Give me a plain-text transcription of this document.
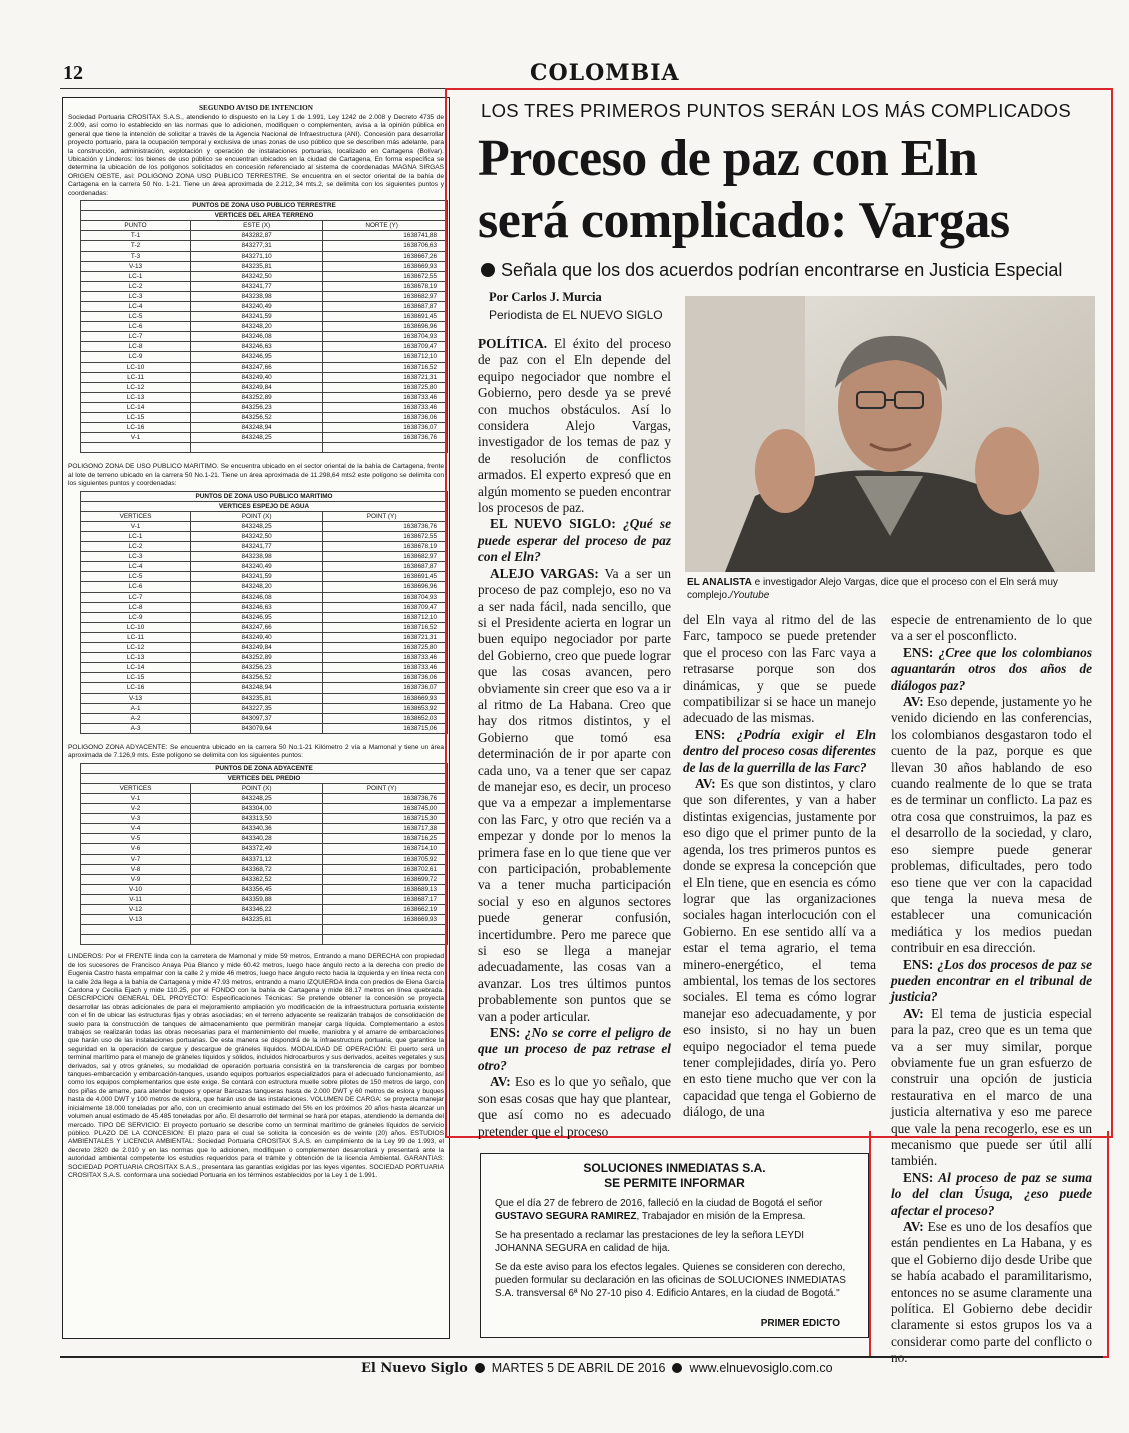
12	COLOMBIA
SEGUNDO AVISO DE INTENCION
Sociedad Portuaria CROSITAX S.A.S., atendiendo lo dispuesto en la Ley 1 de 1.991, Ley 1242 de 2.008 y Decreto 4735 de 2.009, así como lo establecido en las normas que lo adicionen, modifiquen o complementen, avisa a la opinión pública en general que tiene la intención de solicitar a través de la Agencia Nacional de Infraestructura (ANI). Concesión para desarrollar proyecto portuario, para la ocupación temporal y exclusiva de unas zonas de uso público que se describen más adelante, para la construcción, administración, explotación y operación de instalaciones portuarias, localizado en Cartagena (Bolívar). Ubicación y Linderos: los bienes de uso público se encuentran ubicados en la ciudad de Cartagena, En forma específica se determina la ubicación de los polígonos solicitados en concesión referenciado al sistema de coordenadas MAGNA SIRGAS ORIGEN OESTE, así: POLIGONO ZONA USO PUBLICO TERRESTRE. Se encuentra en el sector oriental de la bahía de Cartagena en la carrera 50 No. 1-21. Tiene un área aproximada de 2.212,.34 mts.2, se delimita con los siguientes puntos y coordenadas:
PUNTOS DE ZONA USO PUBLICO TERRESTRE		
VERTICES DEL AREA TERRENO		
PUNTO	ESTE (X)	NORTE (Y)
T-1	843282,87	1638741,88
T-2	843277,31	1638706,63
T-3	843271,10	1638667,26
V-13	843235,81	1638669,93
LC-1	843242,50	1638672,55
LC-2	843241,77	1638678,19
LC-3	843238,98	1638682,97
LC-4	843240,49	1638687,87
LC-5	843241,59	1638691,45
LC-6	843248,20	1638696,96
LC-7	843246,08	1638704,93
LC-8	843246,63	1638709,47
LC-9	843246,95	1638712,10
LC-10	843247,66	1638716,52
LC-11	843249,40	1638721,31
LC-12	843249,84	1638725,80
LC-13	843252,89	1638733,46
LC-14	843256,23	1638733,46
LC-15	843256,52	1638736,06
LC-16	843248,94	1638736,07
V-1	843248,25	1638736,76

POLIGONO ZONA DE USO PUBLICO MARITIMO. Se encuentra ubicado en el sector oriental de la bahía de Cartagena, frente al lote de terreno ubicado en la carrera 50 No.1-21. Tiene un área aproximada de 11.298,64 mts2 este polígono se delimita con los siguientes puntos y coordenadas:
PUNTOS DE ZONA USO PUBLICO MARITIMO		
VERTICES ESPEJO DE AGUA		
VERTICES	POINT (X)	POINT (Y)
V-1	843248,25	1638736,76
LC-1	843242,50	1638672,55
LC-2	843241,77	1638678,19
LC-3	843238,98	1638682,97
LC-4	843240,49	1638687,87
LC-5	843241,59	1638691,45
LC-6	843248,20	1638696,96
LC-7	843246,08	1638704,93
LC-8	843246,63	1638709,47
LC-9	843246,95	1638712,10
LC-10	843247,66	1638716,52
LC-11	843249,40	1638721,31
LC-12	843249,84	1638725,80
LC-13	843252,89	1638733,46
LC-14	843256,23	1638733,46
LC-15	843256,52	1638736,06
LC-16	843248,94	1638736,07
V-13	843235,81	1638669,93
A-1	843227,35	1638653,92
A-2	843097,37	1638652,03
A-3	843079,64	1638715,06
POLIGONO ZONA ADYACENTE: Se encuentra ubicado en la carrera 50 No.1-21 Kilómetro 2 vía a Mamonal y tiene un área aproximada de 7.126,9 mts. Este polígono se delimita con los siguientes puntos:
PUNTOS DE ZONA ADYACENTE		
VERTICES DEL PREDIO		
VERTICES	POINT (X)	POINT (Y)
V-1	843248,25	1638736,76
V-2	843304,00	1638745,00
V-3	843313,50	1638715,30
V-4	843340,36	1638717,38
V-5	843340,28	1638716,25
V-6	843372,49	1638714,10
V-7	843371,12	1638705,92
V-8	843368,72	1638702,61
V-9	843362,52	1638699,72
V-10	843356,45	1638689,13
V-11	843359,88	1638687,17
V-12	843346,22	1638662,19
V-13	843235,81	1638669,93

LINDEROS: Por el FRENTE linda con la carretera de Mamonal y mide 59 metros, Entrando a mano DERECHA con propiedad de los sucesores de Francisco Anaya Púa Blanco y mide 60.42 metros, luego hace ángulo recto a la derecha con predio de Eugenia Castro hasta empalmar con la calle 2 y mide 46 metros, luego hace ángulo recto hacia la izquierda y en línea recta con la calle 2da llega a la bahía de Cartagena y mide 47.93 metros, entrando a mano IZQUIERDA linda con predios de Elena García Cardona y Cecilia Ejach y mide 110.25, por el FONDO con la bahía de Cartagena y mide 88.17 metros en línea quebrada. DESCRIPCION GENERAL DEL PROYECTO: Especificaciones Técnicas: Se pretende obtener la concesión se proyecta desarrollar las obras adicionales de para el mejoramiento ampliación y/o modificación de la infraestructura portuaria existente con el fin de ubicar las estructuras fijas y obras asociadas; en el terreno adyacente se realizarán trabajos de consolidación de suelo para la construcción de tanques de almacenamiento que permitirán manejar carga líquida. Complementario a estos trabajos se realizarán todas las obras necesarias para el mantenimiento del muelle, maniobra y el amarre de embarcaciones que harán uso de las instalaciones portuarias. De esta manera se dispondrá de la infraestructura portuaria, que garantice la seguridad en la operación de cargue y descargue de gráneles líquidos. MODALIDAD DE OPERACIÓN: El puerto será un terminal marítimo para el manejo de gráneles líquidos y sólidos, incluidos hidrocarburos y sus derivados, aceites vegetales y sus derivados, sal y otros gráneles, su modalidad de operación portuaria consistirá en la transferencia de cargas por bombeo tanques-embarcación y embarcación-tanques, usando equipos portuarios especializados para el adecuado funcionamiento, así como los equipos complementarios que este exige. Se contará con estructura muelle sobre pilotes de 150 metros de largo, con dos piñas de amarre, para atender buques y operar Barcazas tanqueras hasta de 2.000 DWT y 60 metros de eslora y buques hasta de 4.000 DWT y 100 metros de eslora, que harán uso de las instalaciones. VOLUMEN DE CARGA: se proyecta manejar inicialmente 18.000 toneladas por año, con un crecimiento anual estimado del 5% en los próximos 20 años hasta alcanzar un volumen anual estimado de 45.485 toneladas por año. El desarrollo del terminal se hará por etapas, atendiendo la demanda del mercado. TIPO DE SERVICIO: El proyecto portuario se describe como un terminal marítimo de gráneles líquidos de servicio público. PLAZO DE LA CONCESION: El plazo para el cual se solicita la concesión es de veinte (20) años. ESTUDIOS AMBIENTALES Y LICENCIA AMBIENTAL: Sociedad Portuaria CROSITAX S.A.S. en cumplimiento de la Ley 99 de 1.993, el decreto 2820 de 2.010 y en las normas que lo adicionen, modifiquen o complementen desarrollará y presentará ante la autoridad ambiental competente los estudios requeridos para el trámite y obtención de la licencia Ambiental. GARANTIAS: SOCIEDAD PORTUARIA CROSITAX S.A.S., presentara las garantías exigidas por las leyes vigentes. SOCIEDAD PORTUARIA CROSITAX S.A.S. conformara una sociedad Portuaria en los términos establecidos por la Ley 1 de 1.991.
LOS TRES PRIMEROS PUNTOS SERÁN LOS MÁS COMPLICADOS
Proceso de paz con Eln
será complicado: Vargas
Señala que los dos acuerdos podrían encontrarse en Justicia Especial
Por Carlos J. Murcia
Periodista de EL NUEVO SIGLO
EL ANALISTA e investigador Alejo Vargas, dice que el proceso con el Eln será muy complejo./Youtube

POLÍTICA. El éxito del proceso de paz con el Eln depende del equipo negociador que nombre el Gobierno, pero desde ya se prevé con muchos obstáculos. Así lo considera Alejo Vargas, investigador de los temas de paz y de resolución de conflictos armados. El experto expresó que en algún momento se pueden encontrar los procesos de paz.

EL NUEVO SIGLO: ¿Qué se puede esperar del proceso de paz con el Eln?

ALEJO VARGAS: Va a ser un proceso de paz complejo, eso no va a ser nada fácil, nada sencillo, que si el Presidente acierta en lograr un buen equipo negociador por parte del Gobierno, creo que puede lograr que las cosas avancen, pero obviamente sin creer que eso va a ir al ritmo de La Habana. Creo que hay dos ritmos distintos, y el Gobierno que tomó esa determinación de ir por aparte con cada uno, va a tener que ser capaz de manejar eso, es decir, un proceso que va a empezar a implementarse con las Farc, y otro que recién va a empezar y donde por lo menos la primera fase en lo que tiene que ver con participación, probablemente va a tener mucha participación social y eso en algunos sectores puede generar confusión, incertidumbre. Pero me parece que si eso se llega a manejar adecuadamente, las cosas van a avanzar. Los tres últimos puntos probablemente son puntos que se van a poder articular.

ENS: ¿No se corre el peligro de que un proceso de paz retrase el otro?

AV: Eso es lo que yo señalo, que son esas cosas que hay que plantear, que así como no es adecuado pretender que el proceso

del Eln vaya al ritmo del de las Farc, tampoco se puede pretender que el proceso con las Farc vaya a retrasarse porque son dos dinámicas, y que se puede compatibilizar si se hace un manejo adecuado de las mismas.

ENS: ¿Podría exigir el Eln dentro del proceso cosas diferentes de las de la guerrilla de las Farc?

AV: Es que son distintos, y claro que son diferentes, y van a haber distintas exigencias, justamente por eso digo que el primer punto de la agenda, los tres primeros puntos es donde se expresa la concepción que el Eln tiene, que en esencia es cómo lograr que las organizaciones sociales hagan interlocución con el Gobierno. En ese sentido allí va a estar el tema agrario, el tema minero-energético, el tema ambiental, los temas de los sectores sociales. El tema es cómo lograr manejar eso adecuadamente, y por eso insisto, si no hay un buen equipo negociador el tema puede tener complejidades, diría yo. Pero en esto tiene mucho que ver con la capacidad que tenga el Gobierno de diálogo, de una

especie de entrenamiento de lo que va a ser el posconflicto.

ENS: ¿Cree que los colombianos aguantarán otros dos años de diálogos paz?

AV: Eso depende, justamente yo he venido diciendo en las conferencias, los colombianos desgastaron todo el cuento de la paz, porque es que llevan 30 años hablando de eso cuando realmente de lo que se trata es de terminar un conflicto. La paz es otra cosa que construimos, la paz es el desarrollo de la sociedad, y claro, eso siempre puede generar problemas, dificultades, pero todo eso tiene que ver con la capacidad que tenga la nueva mesa de establecer una comunicación mediática y los medios puedan contribuir en esa dirección.

ENS: ¿Los dos procesos de paz se pueden encontrar en el tribunal de justicia?

AV: El tema de justicia especial para la paz, creo que es un tema que va a ser muy similar, porque obviamente fue un gran esfuerzo de construir una opción de justicia restaurativa en el marco de una justicia alternativa y eso me parece que vale la pena recogerlo, ese es un mecanismo que puede ser útil allí también.

ENS: Al proceso de paz se suma lo del clan Úsuga, ¿eso puede afectar el proceso?

AV: Ese es uno de los desafíos que están pendientes en La Habana, y es que el Gobierno dijo desde Uribe que se había acabado el paramilitarismo, entonces no se asume claramente una política. El Gobierno debe decidir claramente si estos grupos los va a considerar como parte del conflicto o no.

SOLUCIONES INMEDIATAS S.A.
SE PERMITE INFORMAR
Que el día 27 de febrero de 2016, falleció en la ciudad de Bogotá el señor GUSTAVO SEGURA RAMIREZ, Trabajador en misión de la Empresa.
Se ha presentado a reclamar las prestaciones de ley la señora LEYDI JOHANNA SEGURA en calidad de hija.
Se da este aviso para los efectos legales. Quienes se consideren con derecho, pueden formular su declaración en las oficinas de SOLUCIONES INMEDIATAS S.A. transversal 6ª No 27-10 piso 4. Edificio Antares, en la ciudad de Bogotá."
PRIMER EDICTO
El Nuevo Siglo MARTES 5 DE ABRIL DE 2016 www.elnuevosiglo.com.co
